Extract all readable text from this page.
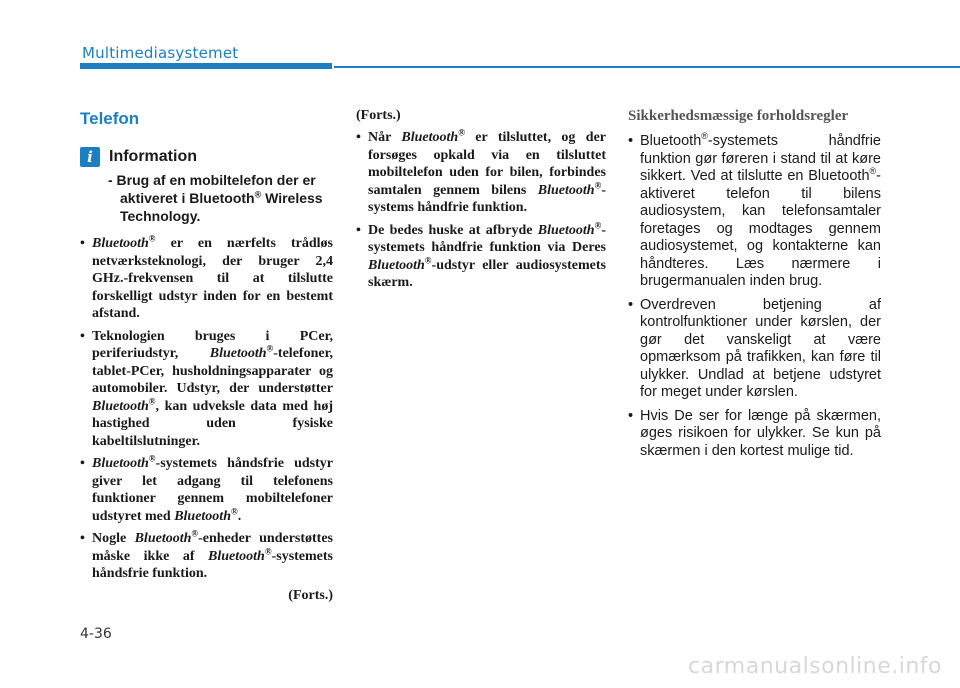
Multimediasystemet
Telefon
i	Information
- Brug af en mobiltelefon der er aktiveret i Bluetooth® Wireless Technology.
• Bluetooth® er en nærfelts trådløs netværksteknologi, der bruger 2,4 GHz.-frekvensen til at tilslutte forskelligt udstyr inden for en bestemt afstand.
• Teknologien bruges i PCer, periferiudstyr, Bluetooth®-telefoner, tablet-PCer, husholdningsapparater og automobiler. Udstyr, der understøtter Bluetooth®, kan udveksle data med høj hastighed uden fysiske kabeltilslutninger.
• Bluetooth®-systemets håndsfrie udstyr giver let adgang til telefonens funktioner gennem mobiltelefoner udstyret med Bluetooth®.
• Nogle Bluetooth®-enheder understøttes måske ikke af Bluetooth®-systemets håndsfrie funktion.
(Forts.)
(Forts.)
• Når Bluetooth® er tilsluttet, og der forsøges opkald via en tilsluttet mobiltelefon uden for bilen, forbindes samtalen gennem bilens Bluetooth®-systems håndfrie funktion.
• De bedes huske at afbryde Bluetooth®-systemets håndfrie funktion via Deres Bluetooth®-udstyr eller audiosystemets skærm.
Sikkerhedsmæssige forholdsregler
• Bluetooth®-systemets håndfrie funktion gør føreren i stand til at køre sikkert. Ved at tilslutte en Bluetooth®-aktiveret telefon til bilens audiosystem, kan telefonsamtaler foretages og modtages gennem audiosystemet, og kontakterne kan håndteres. Læs nærmere i brugermanualen inden brug.
• Overdreven betjening af kontrolfunktioner under kørslen, der gør det vanskeligt at være opmærksom på trafikken, kan føre til ulykker. Undlad at betjene udstyret for meget under kørslen.
• Hvis De ser for længe på skærmen, øges risikoen for ulykker. Se kun på skærmen i den kortest mulige tid.
4-36
carmanualsonline.info
